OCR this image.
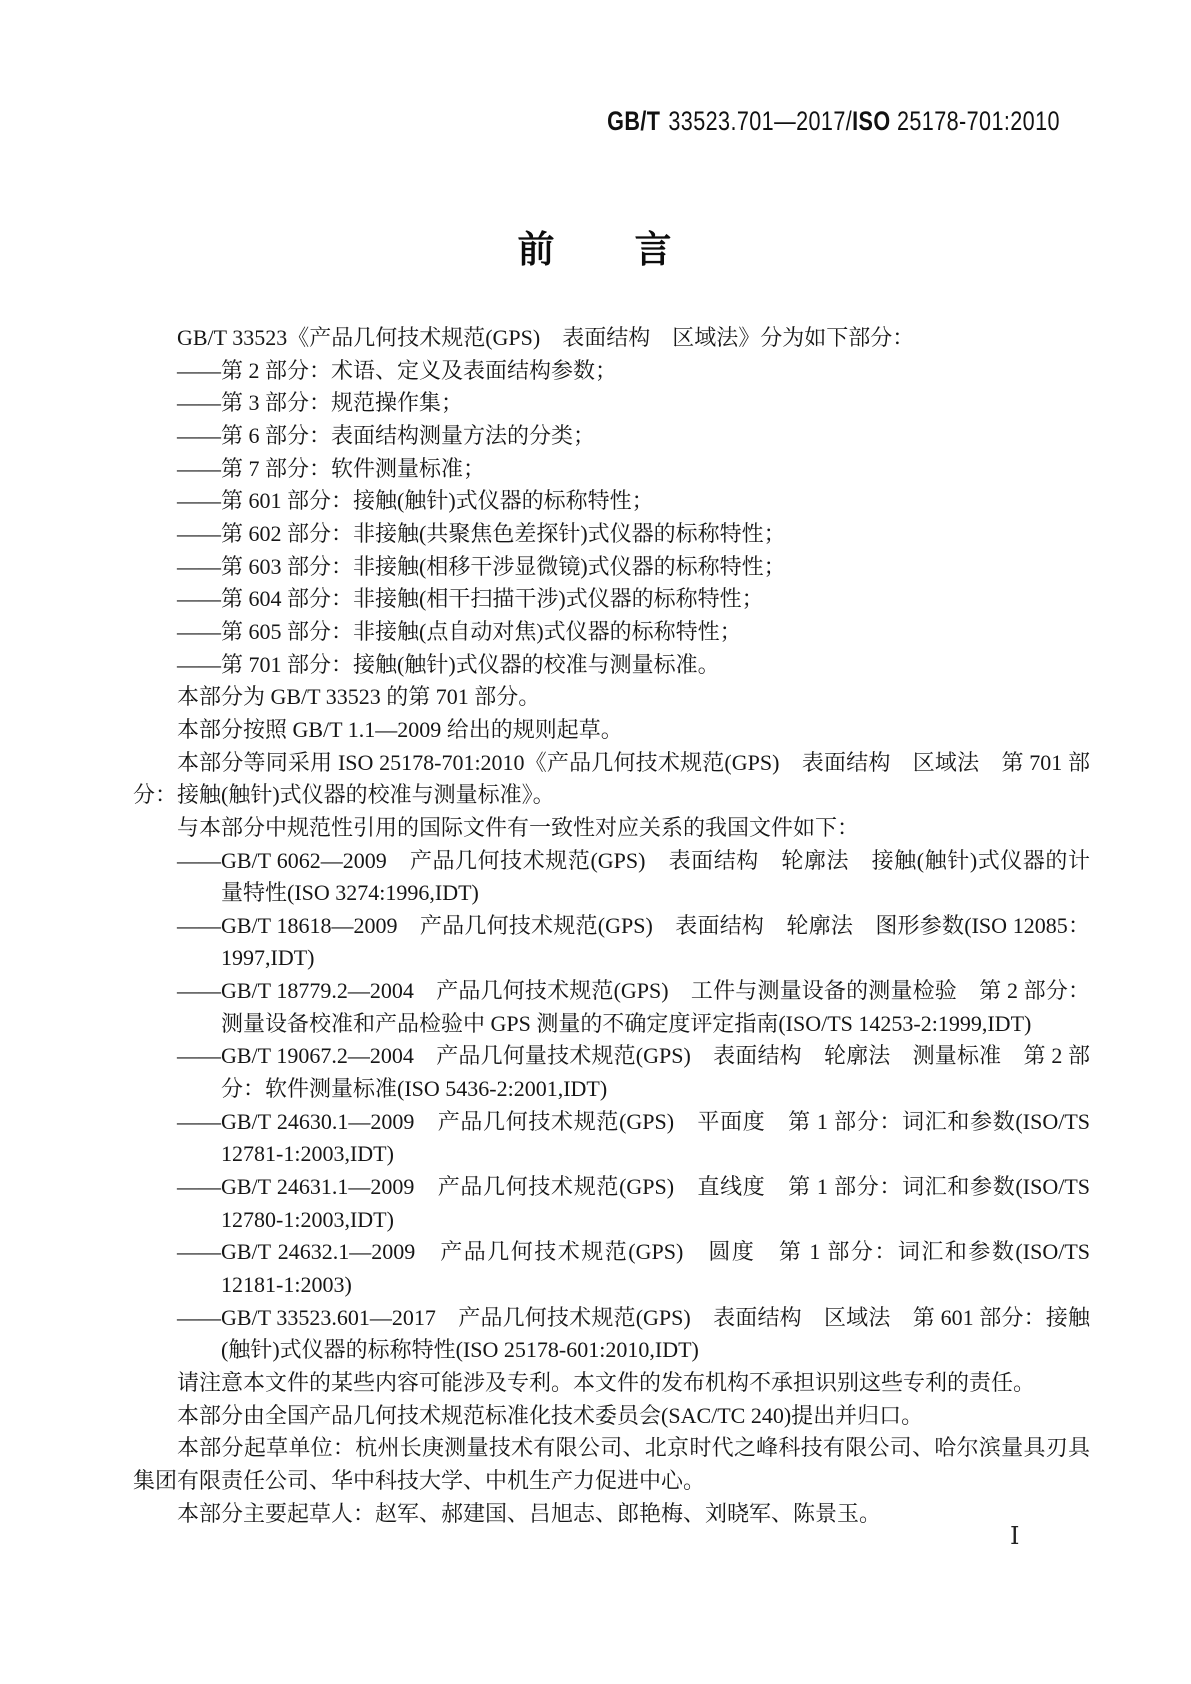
GB/T 33523.701—2017/ISO 25178-701:2010
前　　言

GB/T 33523《产品几何技术规范(GPS)　表面结构　区域法》分为如下部分：

——第 2 部分：术语、定义及表面结构参数；

——第 3 部分：规范操作集；

——第 6 部分：表面结构测量方法的分类；

——第 7 部分：软件测量标准；

——第 601 部分：接触(触针)式仪器的标称特性；

——第 602 部分：非接触(共聚焦色差探针)式仪器的标称特性；

——第 603 部分：非接触(相移干涉显微镜)式仪器的标称特性；

——第 604 部分：非接触(相干扫描干涉)式仪器的标称特性；

——第 605 部分：非接触(点自动对焦)式仪器的标称特性；

——第 701 部分：接触(触针)式仪器的校准与测量标准。

本部分为 GB/T 33523 的第 701 部分。

本部分按照 GB/T 1.1—2009 给出的规则起草。

本部分等同采用 ISO 25178-701:2010《产品几何技术规范(GPS)　表面结构　区域法　第 701 部分：接触(触针)式仪器的校准与测量标准》。

与本部分中规范性引用的国际文件有一致性对应关系的我国文件如下：

——GB/T 6062—2009　产品几何技术规范(GPS)　表面结构　轮廓法　接触(触针)式仪器的计量特性(ISO 3274:1996,IDT)

——GB/T 18618—2009　产品几何技术规范(GPS)　表面结构　轮廓法　图形参数(ISO 12085：1997,IDT)

——GB/T 18779.2—2004　产品几何技术规范(GPS)　工件与测量设备的测量检验　第 2 部分：测量设备校准和产品检验中 GPS 测量的不确定度评定指南(ISO/TS 14253-2:1999,IDT)

——GB/T 19067.2—2004　产品几何量技术规范(GPS)　表面结构　轮廓法　测量标准　第 2 部分：软件测量标准(ISO 5436-2:2001,IDT)

——GB/T 24630.1—2009　产品几何技术规范(GPS)　平面度　第 1 部分：词汇和参数(ISO/TS 12781-1:2003,IDT)

——GB/T 24631.1—2009　产品几何技术规范(GPS)　直线度　第 1 部分：词汇和参数(ISO/TS 12780-1:2003,IDT)

——GB/T 24632.1—2009　产品几何技术规范(GPS)　圆度　第 1 部分：词汇和参数(ISO/TS 12181-1:2003)

——GB/T 33523.601—2017　产品几何技术规范(GPS)　表面结构　区域法　第 601 部分：接触(触针)式仪器的标称特性(ISO 25178-601:2010,IDT)

请注意本文件的某些内容可能涉及专利。本文件的发布机构不承担识别这些专利的责任。

本部分由全国产品几何技术规范标准化技术委员会(SAC/TC 240)提出并归口。

本部分起草单位：杭州长庚测量技术有限公司、北京时代之峰科技有限公司、哈尔滨量具刃具集团有限责任公司、华中科技大学、中机生产力促进中心。

本部分主要起草人：赵军、郝建国、吕旭志、郎艳梅、刘晓军、陈景玉。

Ⅰ
